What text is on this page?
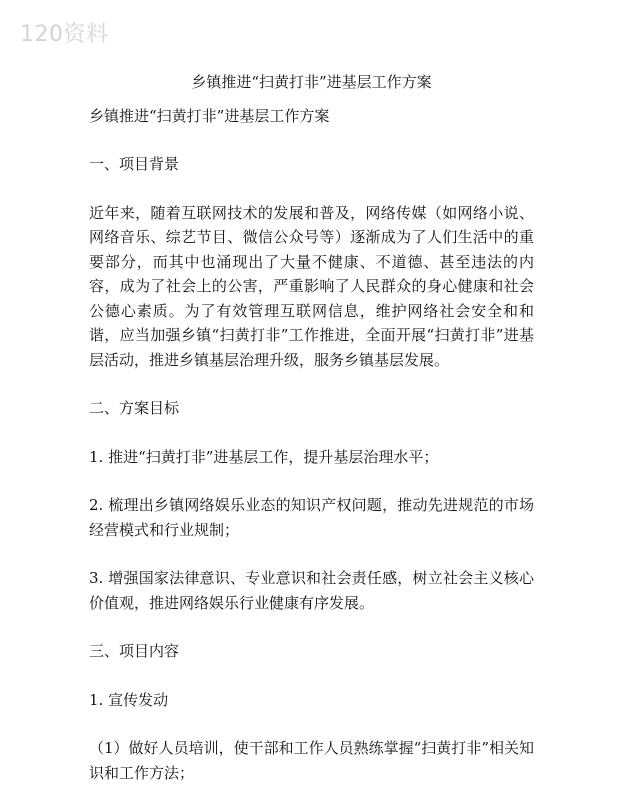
120资料
乡镇推进“扫黄打非”进基层工作方案
乡镇推进“扫黄打非”进基层工作方案
一、项目背景
近年来，随着互联网技术的发展和普及，网络传媒（如网络小说、网络音乐、综艺节目、微信公众号等）逐渐成为了人们生活中的重要部分，而其中也涌现出了大量不健康、不道德、甚至违法的内容，成为了社会上的公害，严重影响了人民群众的身心健康和社会公德心素质。为了有效管理互联网信息，维护网络社会安全和和谐，应当加强乡镇“扫黄打非”工作推进，全面开展“扫黄打非”进基层活动，推进乡镇基层治理升级，服务乡镇基层发展。
二、方案目标
1. 推进“扫黄打非”进基层工作，提升基层治理水平；
2. 梳理出乡镇网络娱乐业态的知识产权问题，推动先进规范的市场经营模式和行业规制；
3. 增强国家法律意识、专业意识和社会责任感，树立社会主义核心价值观，推进网络娱乐行业健康有序发展。
三、项目内容
1. 宣传发动
（1）做好人员培训，使干部和工作人员熟练掌握“扫黄打非”相关知识和工作方法；
